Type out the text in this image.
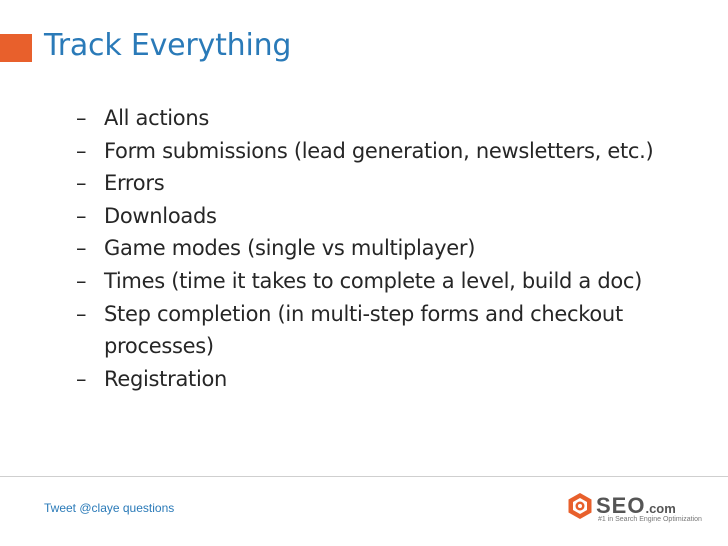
Track Everything
– All actions
– Form submissions (lead generation, newsletters, etc.)
– Errors
– Downloads
– Game modes (single vs multiplayer)
– Times (time it takes to complete a level, build a doc)
– Step completion (in multi-step forms and checkout processes)
– Registration
Tweet @claye questions	SEO.com
#1 in Search Engine Optimization
